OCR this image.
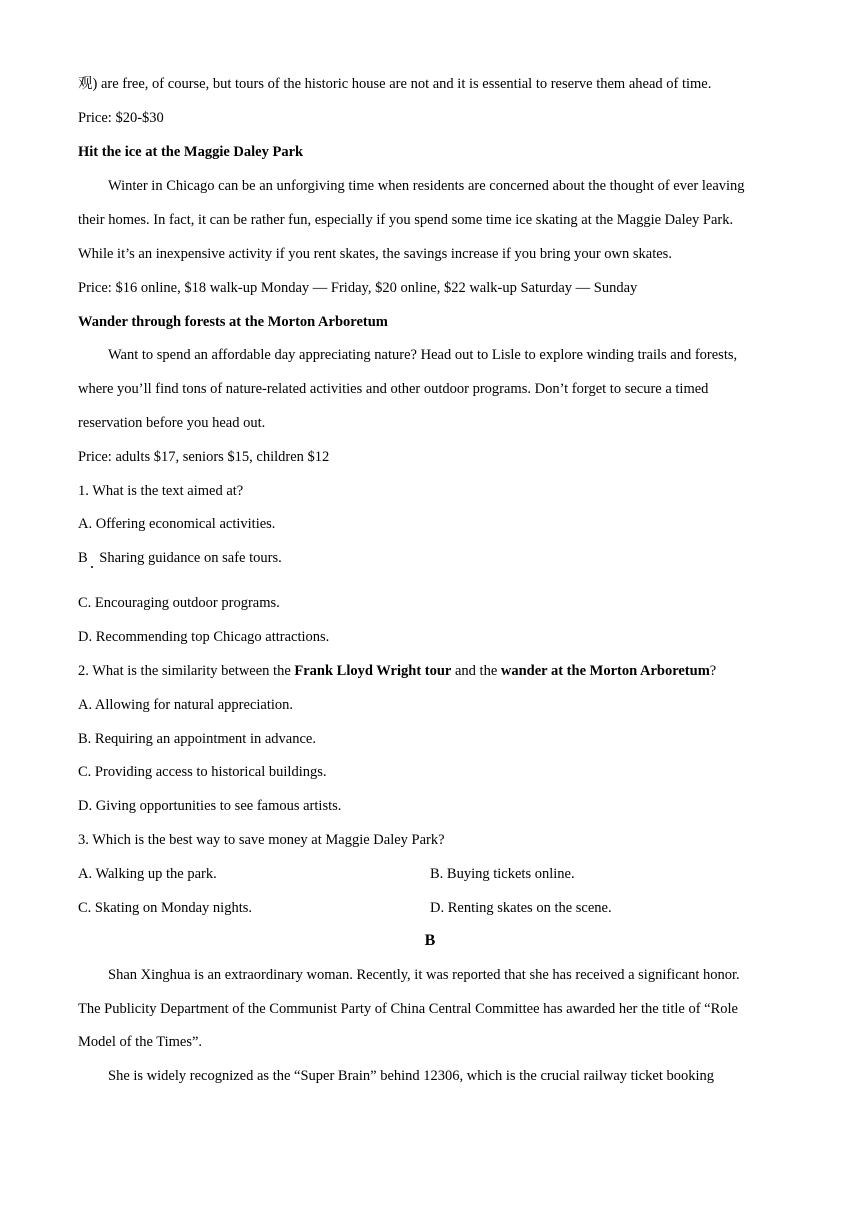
观) are free, of course, but tours of the historic house are not and it is essential to reserve them ahead of time.
Price: $20-$30
Hit the ice at the Maggie Daley Park
Winter in Chicago can be an unforgiving time when residents are concerned about the thought of ever leaving
their homes. In fact, it can be rather fun, especially if you spend some time ice skating at the Maggie Daley Park.
While it’s an inexpensive activity if you rent skates, the savings increase if you bring your own skates.
Price: $16 online, $18 walk-up Monday — Friday, $20 online, $22 walk-up Saturday — Sunday
Wander through forests at the Morton Arboretum
Want to spend an affordable day appreciating nature? Head out to Lisle to explore winding trails and forests,
where you’ll find tons of nature-related activities and other outdoor programs. Don’t forget to secure a timed
reservation before you head out.
Price: adults $17, seniors $15, children $12
1. What is the text aimed at?
A. Offering economical activities.
B Sharing guidance on safe tours.
C. Encouraging outdoor programs.
D. Recommending top Chicago attractions.
2. What is the similarity between the Frank Lloyd Wright tour and the wander at the Morton Arboretum?
A. Allowing for natural appreciation.
B. Requiring an appointment in advance.
C. Providing access to historical buildings.
D. Giving opportunities to see famous artists.
3. Which is the best way to save money at Maggie Daley Park?
A. Walking up the park.	B. Buying tickets online.
C. Skating on Monday nights.	D. Renting skates on the scene.
B
Shan Xinghua is an extraordinary woman. Recently, it was reported that she has received a significant honor.
The Publicity Department of the Communist Party of China Central Committee has awarded her the title of “Role
Model of the Times”.
She is widely recognized as the “Super Brain” behind 12306, which is the crucial railway ticket booking
